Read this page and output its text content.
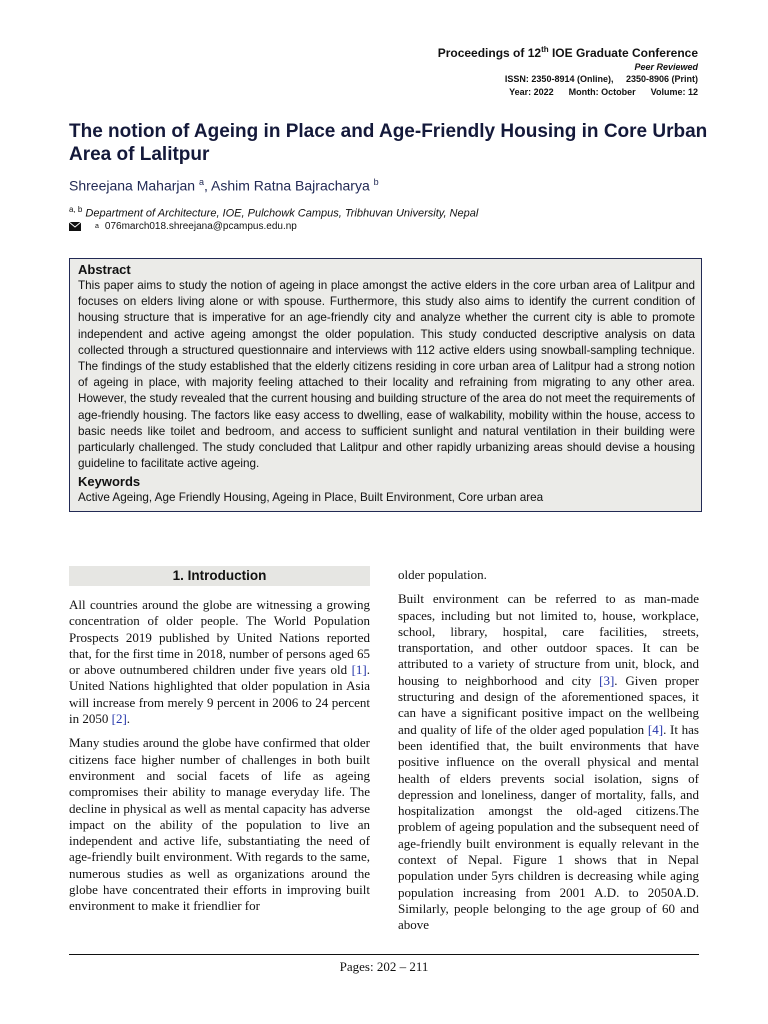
Proceedings of 12th IOE Graduate Conference
Peer Reviewed
ISSN: 2350-8914 (Online),     2350-8906 (Print)
Year: 2022      Month: October      Volume: 12
The notion of Ageing in Place and Age-Friendly Housing in Core Urban Area of Lalitpur
Shreejana Maharjan $^a$, Ashim Ratna Bajracharya $^b$
$^{a, b}$ Department of Architecture, IOE, Pulchowk Campus, Tribhuvan University, Nepal
a 076march018.shreejana@pcampus.edu.np
Abstract

This paper aims to study the notion of ageing in place amongst the active elders in the core urban area of Lalitpur and focuses on elders living alone or with spouse. Furthermore, this study also aims to identify the current condition of housing structure that is imperative for an age-friendly city and analyze whether the current city is able to promote independent and active ageing amongst the older population. This study conducted descriptive analysis on data collected through a structured questionnaire and interviews with 112 active elders using snowball-sampling technique. The findings of the study established that the elderly citizens residing in core urban area of Lalitpur had a strong notion of ageing in place, with majority feeling attached to their locality and refraining from migrating to any other area. However, the study revealed that the current housing and building structure of the area do not meet the requirements of age-friendly housing. The factors like easy access to dwelling, ease of walkability, mobility within the house, access to basic needs like toilet and bedroom, and access to sufficient sunlight and natural ventilation in their building were particularly challenged. The study concluded that Lalitpur and other rapidly urbanizing areas should devise a housing guideline to facilitate active ageing.

Keywords

Active Ageing, Age Friendly Housing, Ageing in Place, Built Environment, Core urban area

1. Introduction

All countries around the globe are witnessing a growing concentration of older people. The World Population Prospects 2019 published by United Nations reported that, for the first time in 2018, number of persons aged 65 or above outnumbered children under five years old [1]. United Nations highlighted that older population in Asia will increase from merely 9 percent in 2006 to 24 percent in 2050 [2].

Many studies around the globe have confirmed that older citizens face higher number of challenges in both built environment and social facets of life as ageing compromises their ability to manage everyday life. The decline in physical as well as mental capacity has adverse impact on the ability of the population to live an independent and active life, substantiating the need of age-friendly built environment. With regards to the same, numerous studies as well as organizations around the globe have concentrated their efforts in improving built environment to make it friendlier for

older population.

Built environment can be referred to as man-made spaces, including but not limited to, house, workplace, school, library, hospital, care facilities, streets, transportation, and other outdoor spaces. It can be attributed to a variety of structure from unit, block, and housing to neighborhood and city [3]. Given proper structuring and design of the aforementioned spaces, it can have a significant positive impact on the wellbeing and quality of life of the older aged population [4]. It has been identified that, the built environments that have positive influence on the overall physical and mental health of elders prevents social isolation, signs of depression and loneliness, danger of mortality, falls, and hospitalization amongst the old-aged citizens.The problem of ageing population and the subsequent need of age-friendly built environment is equally relevant in the context of Nepal. Figure 1 shows that in Nepal population under 5yrs children is decreasing while aging population increasing from 2001 A.D. to 2050A.D. Similarly, people belonging to the age group of 60 and above

Pages: 202 – 211
